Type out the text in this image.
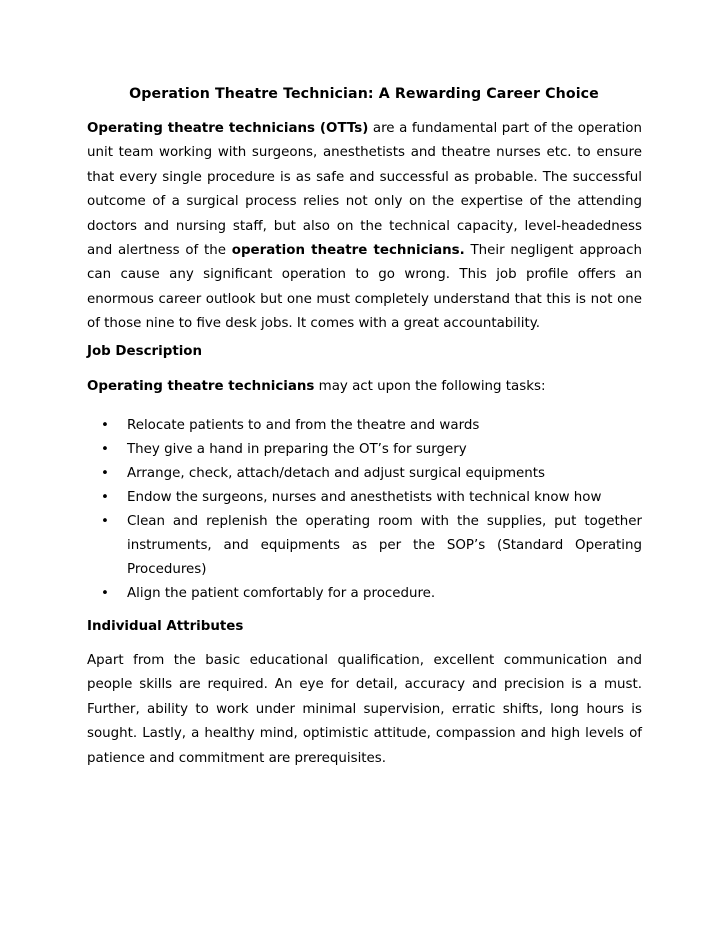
Operation Theatre Technician: A Rewarding Career Choice
Operating theatre technicians (OTTs) are a fundamental part of the operation unit team working with surgeons, anesthetists and theatre nurses etc. to ensure that every single procedure is as safe and successful as probable. The successful outcome of a surgical process relies not only on the expertise of the attending doctors and nursing staff, but also on the technical capacity, level-headedness and alertness of the operation theatre technicians. Their negligent approach can cause any significant operation to go wrong. This job profile offers an enormous career outlook but one must completely understand that this is not one of those nine to five desk jobs. It comes with a great accountability.
Job Description
Operating theatre technicians may act upon the following tasks:
• Relocate patients to and from the theatre and wards
• They give a hand in preparing the OT’s for surgery
• Arrange, check, attach/detach and adjust surgical equipments
• Endow the surgeons, nurses and anesthetists with technical know how
• Clean and replenish the operating room with the supplies, put together instruments, and equipments as per the SOP’s (Standard Operating Procedures)
• Align the patient comfortably for a procedure.
Individual Attributes
Apart from the basic educational qualification, excellent communication and people skills are required. An eye for detail, accuracy and precision is a must. Further, ability to work under minimal supervision, erratic shifts, long hours is sought. Lastly, a healthy mind, optimistic attitude, compassion and high levels of patience and commitment are prerequisites.
